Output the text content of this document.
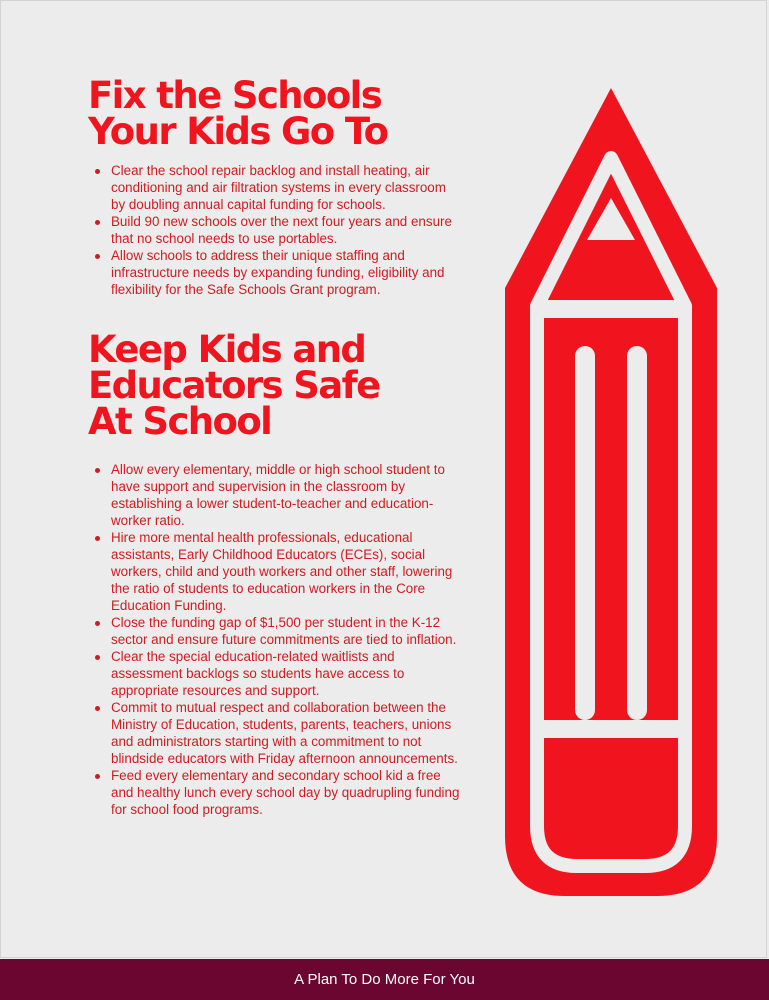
Fix the Schools
Your Kids Go To
Clear the school repair backlog and install heating, air conditioning and air filtration systems in every classroom by doubling annual capital funding for schools.
Build 90 new schools over the next four years and ensure that no school needs to use portables.
Allow schools to address their unique staffing and infrastructure needs by expanding funding, eligibility and flexibility for the Safe Schools Grant program.
Keep Kids and
Educators Safe
At School
Allow every elementary, middle or high school student to have support and supervision in the classroom by establishing a lower student-to-teacher and education-worker ratio.
Hire more mental health professionals, educational assistants, Early Childhood Educators (ECEs), social workers, child and youth workers and other staff, lowering the ratio of students to education workers in the Core Education Funding.
Close the funding gap of $1,500 per student in the K-12 sector and ensure future commitments are tied to inflation.
Clear the special education-related waitlists and assessment backlogs so students have access to appropriate resources and support.
Commit to mutual respect and collaboration between the Ministry of Education, students, parents, teachers, unions and administrators starting with a commitment to not blindside educators with Friday afternoon announcements.
Feed every elementary and secondary school kid a free and healthy lunch every school day by quadrupling funding for school food programs.
A Plan To Do More For You
